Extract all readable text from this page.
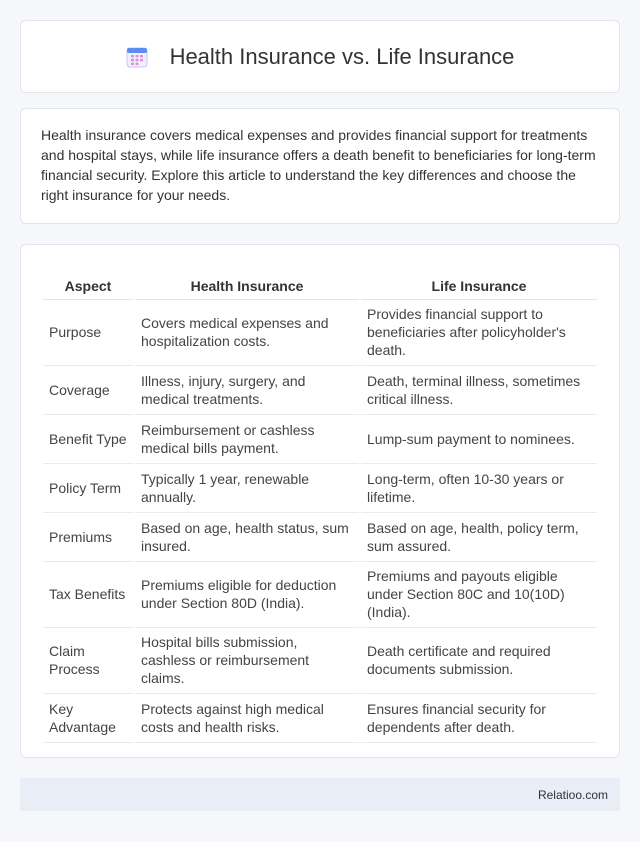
Health Insurance vs. Life Insurance

Health insurance covers medical expenses and provides financial support for treatments and hospital stays, while life insurance offers a death benefit to beneficiaries for long-term financial security. Explore this article to understand the key differences and choose the right insurance for your needs.

Aspect	Health Insurance	Life Insurance
Purpose	Covers medical expenses and hospitalization costs.	Provides financial support to beneficiaries after policyholder's death.
Coverage	Illness, injury, surgery, and medical treatments.	Death, terminal illness, sometimes critical illness.
Benefit Type	Reimbursement or cashless medical bills payment.	Lump-sum payment to nominees.
Policy Term	Typically 1 year, renewable annually.	Long-term, often 10-30 years or lifetime.
Premiums	Based on age, health status, sum insured.	Based on age, health, policy term, sum assured.
Tax Benefits	Premiums eligible for deduction under Section 80D (India).	Premiums and payouts eligible under Section 80C and 10(10D) (India).
Claim Process	Hospital bills submission, cashless or reimbursement claims.	Death certificate and required documents submission.
Key Advantage	Protects against high medical costs and health risks.	Ensures financial security for dependents after death.
Relatioo.com
